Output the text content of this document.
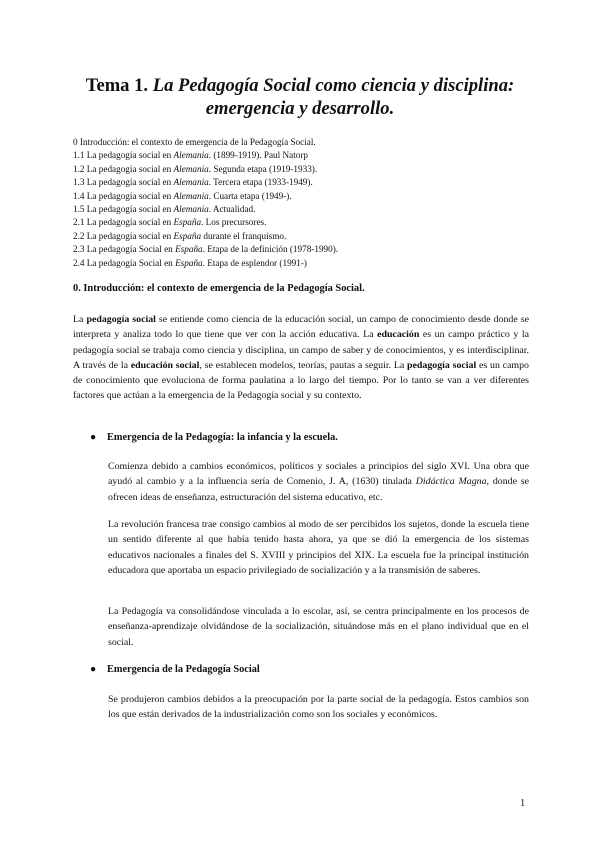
Tema 1. La Pedagogía Social como ciencia y disciplina: emergencia y desarrollo.
0 Introducción: el contexto de emergencia de la Pedagogía Social.
1.1 La pedagogía social en Alemania. (1899-1919). Paul Natorp
1.2 La pedagogía social en Alemania. Segunda etapa (1919-1933).
1.3 La pedagogía social en Alemania. Tercera etapa (1933-1949).
1.4 La pedagogía social en Alemania. Cuarta etapa (1949-).
1.5 La pedagogía social en Alemania. Actualidad.
2.1 La pedagogía social en España. Los precursores.
2.2 La pedagogía social en España durante el franquismo.
2.3 La pedagogía Social en España. Etapa de la definición (1978-1990).
2.4 La pedagogía Social en España. Etapa de esplendor (1991-)
0. Introducción: el contexto de emergencia de la Pedagogía Social.
La pedagogía social se entiende como ciencia de la educación social, un campo de conocimiento desde donde se interpreta y analiza todo lo que tiene que ver con la acción educativa. La educación es un campo práctico y la pedagogía social se trabaja como ciencia y disciplina, un campo de saber y de conocimientos, y es interdisciplinar. A través de la educación social, se establecen modelos, teorías, pautas a seguir. La pedagogía social es un campo de conocimiento que evoluciona de forma paulatina a lo largo del tiempo. Por lo tanto se van a ver diferentes factores que actúan a la emergencia de la Pedagogía social y su contexto.
● Emergencia de la Pedagogía: la infancia y la escuela.
Comienza debido a cambios económicos, políticos y sociales a principios del siglo XVI. Una obra que ayudó al cambio y a la influencia sería de Comenio, J. A, (1630) titulada Didáctica Magna, donde se ofrecen ideas de enseñanza, estructuración del sistema educativo, etc.
La revolución francesa trae consigo cambios al modo de ser percibidos los sujetos, donde la escuela tiene un sentido diferente al que había tenido hasta ahora, ya que se dió la emergencia de los sistemas educativos nacionales a finales del S. XVIII y principios del XIX. La escuela fue la principal institución educadora que aportaba un espacio privilegiado de socialización y a la transmisión de saberes.
La Pedagogía va consolidándose vinculada a lo escolar, así, se centra principalmente en los procesos de enseñanza-aprendizaje olvidándose de la socialización, situándose más en el plano individual que en el social.
● Emergencia de la Pedagogía Social
Se produjeron cambios debidos a la preocupación por la parte social de la pedagogía. Estos cambios son los que están derivados de la industrialización como son los sociales y económicos.
1
